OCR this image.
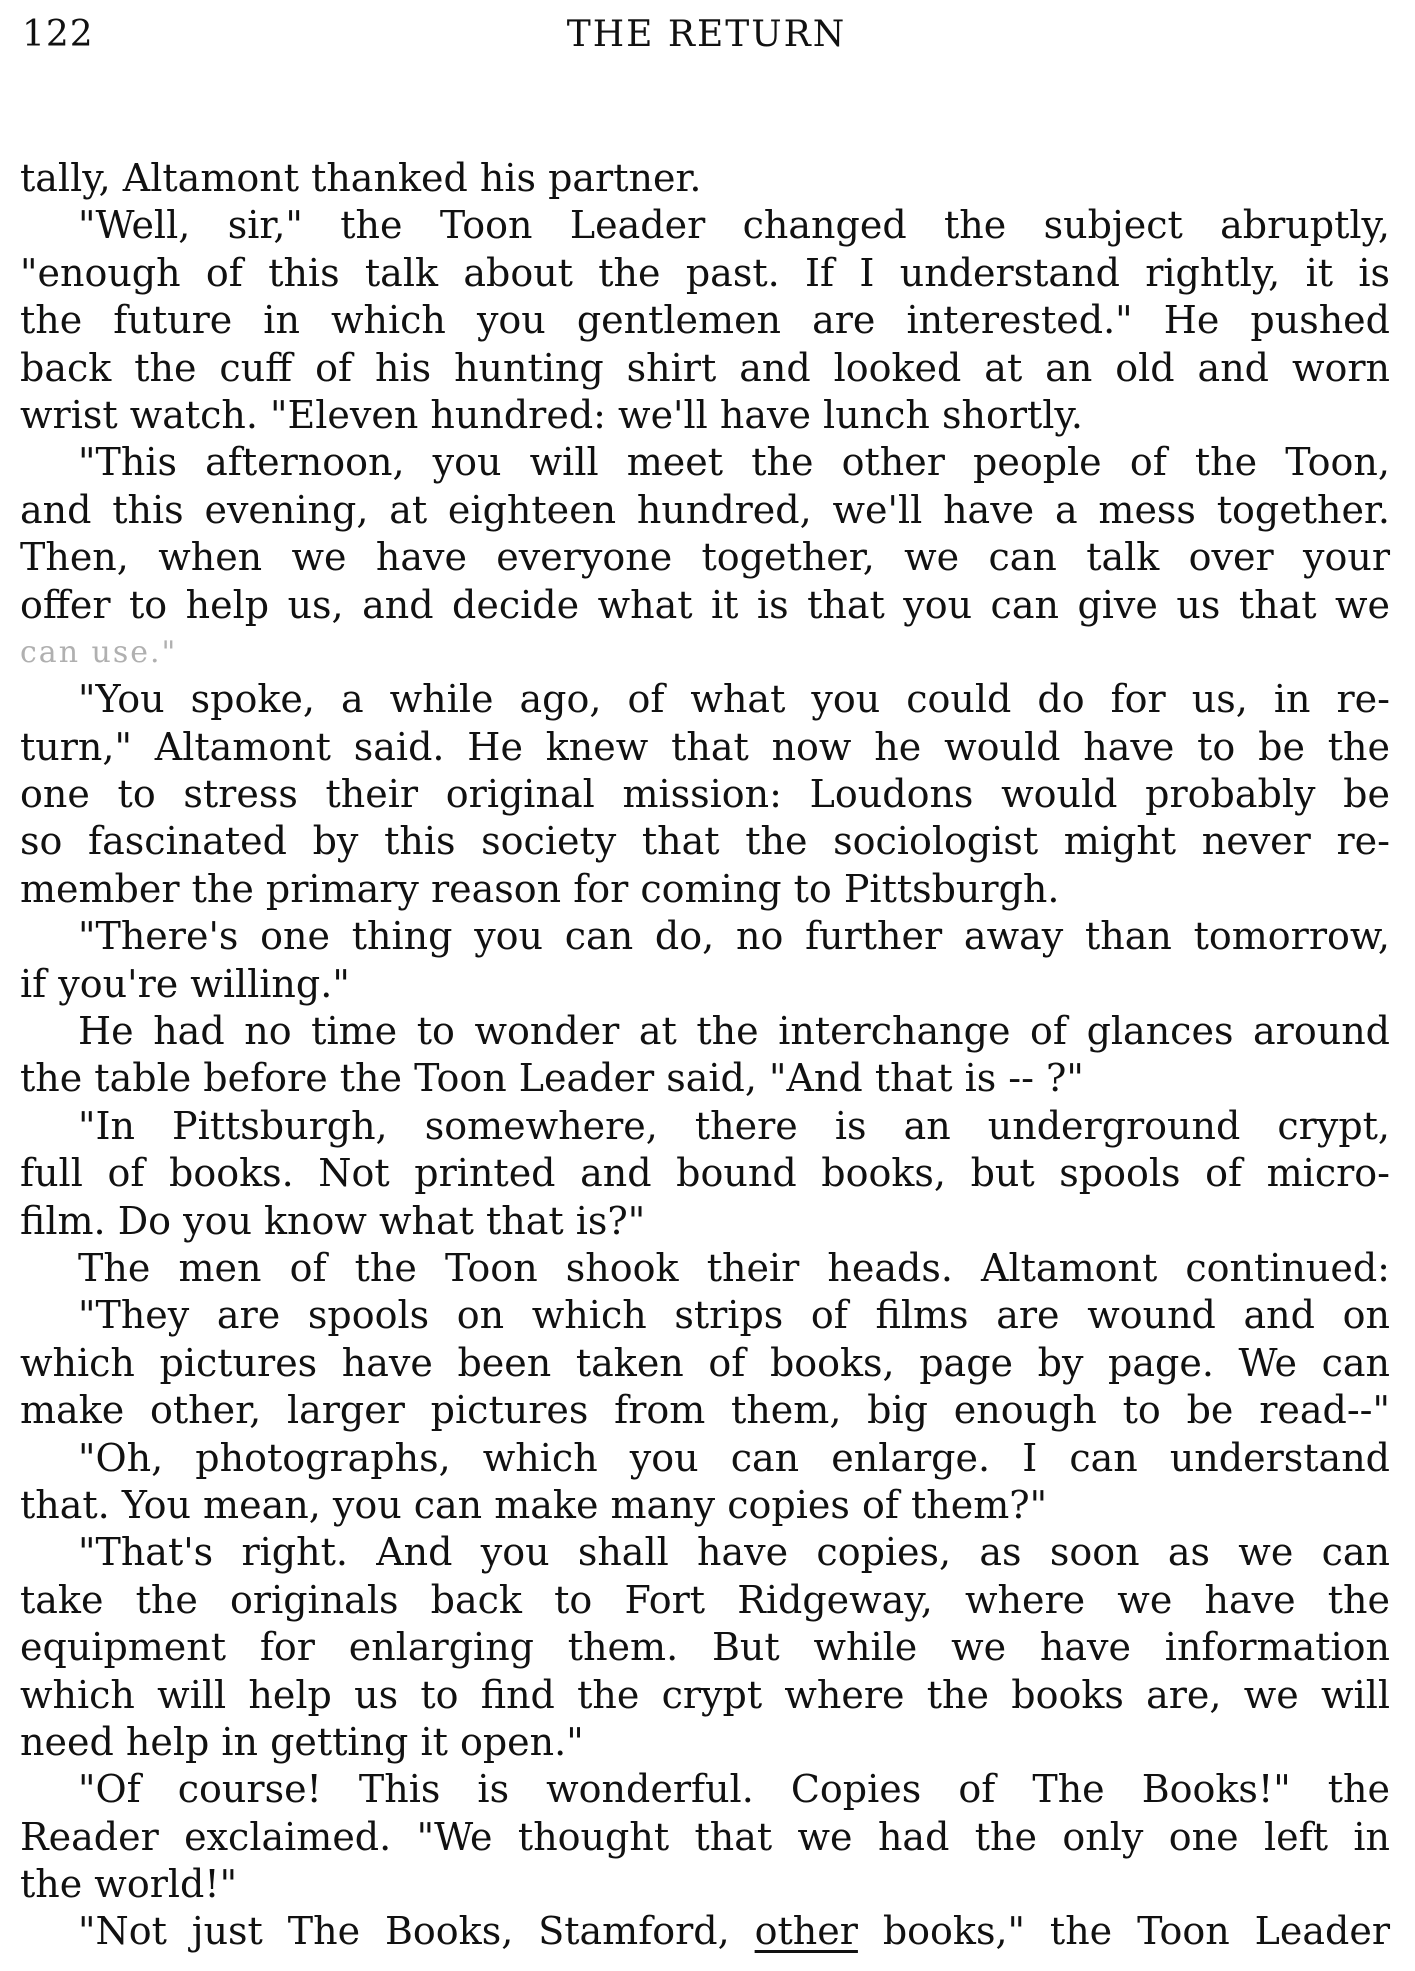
122	THE RETURN
tally, Altamont thanked his partner.
"Well, sir," the Toon Leader changed the subject abruptly,
"enough of this talk about the past. If I understand rightly, it is
the future in which you gentlemen are interested." He pushed
back the cuff of his hunting shirt and looked at an old and worn
wrist watch. "Eleven hundred: we'll have lunch shortly.
"This afternoon, you will meet the other people of the Toon,
and this evening, at eighteen hundred, we'll have a mess together.
Then, when we have everyone together, we can talk over your
offer to help us, and decide what it is that you can give us that we
can use."
"You spoke, a while ago, of what you could do for us, in re-
turn," Altamont said. He knew that now he would have to be the
one to stress their original mission: Loudons would probably be
so fascinated by this society that the sociologist might never re-
member the primary reason for coming to Pittsburgh.
"There's one thing you can do, no further away than tomorrow,
if you're willing."
He had no time to wonder at the interchange of glances around
the table before the Toon Leader said, "And that is -- ?"
"In Pittsburgh, somewhere, there is an underground crypt,
full of books. Not printed and bound books, but spools of micro-
film. Do you know what that is?"
The men of the Toon shook their heads. Altamont continued:
"They are spools on which strips of films are wound and on
which pictures have been taken of books, page by page. We can
make other, larger pictures from them, big enough to be read--"
"Oh, photographs, which you can enlarge. I can understand
that. You mean, you can make many copies of them?"
"That's right. And you shall have copies, as soon as we can
take the originals back to Fort Ridgeway, where we have the
equipment for enlarging them. But while we have information
which will help us to find the crypt where the books are, we will
need help in getting it open."
"Of course! This is wonderful. Copies of The Books!" the
Reader exclaimed. "We thought that we had the only one left in
the world!"
"Not just The Books, Stamford, other books," the Toon Leader
